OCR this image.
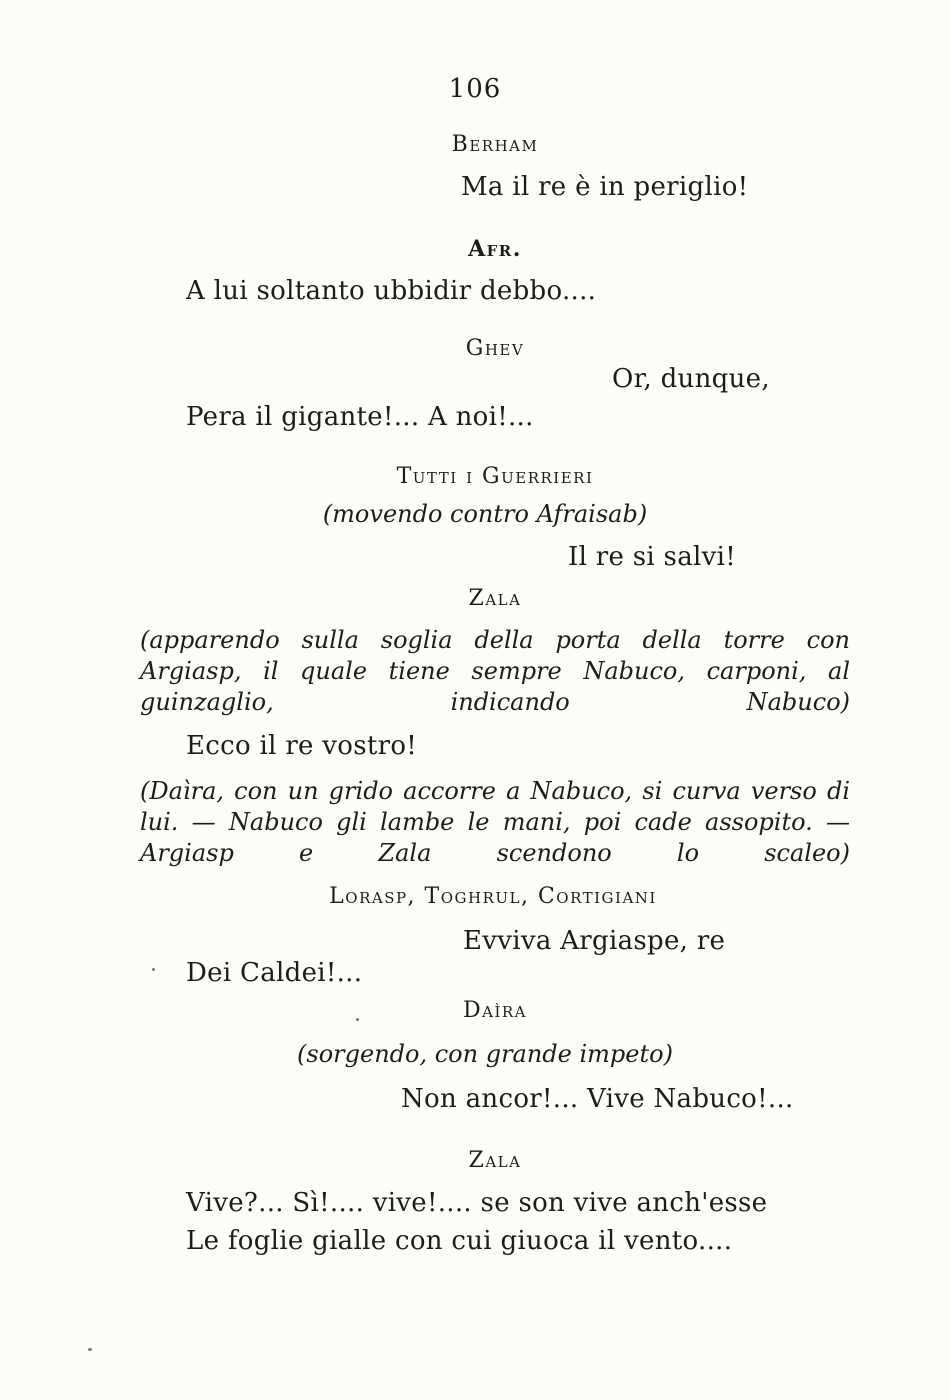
106
Berham
Ma il re è in periglio!
Afr.
A lui soltanto ubbidir debbo....
Ghev
Or, dunque,
Pera il gigante!... A noi!...
Tutti i Guerrieri
(movendo contro Afraisab)
Il re si salvi!
Zala
(apparendo sulla soglia della porta della torre con Argiasp, il quale tiene sempre Nabuco, carponi, al guinzaglio, indicando Nabuco)
Ecco il re vostro!
(Daìra, con un grido accorre a Nabuco, si curva verso di lui. — Nabuco gli lambe le mani, poi cade assopito. — Argiasp e Zala scendono lo scaleo)
Lorasp, Toghrul, Cortigiani
Evviva Argiaspe, re
Dei Caldei!...
Daìra
(sorgendo, con grande impeto)
Non ancor!... Vive Nabuco!...
Zala
Vive?... Sì!.... vive!.... se son vive anch'esse
Le foglie gialle con cui giuoca il vento....
